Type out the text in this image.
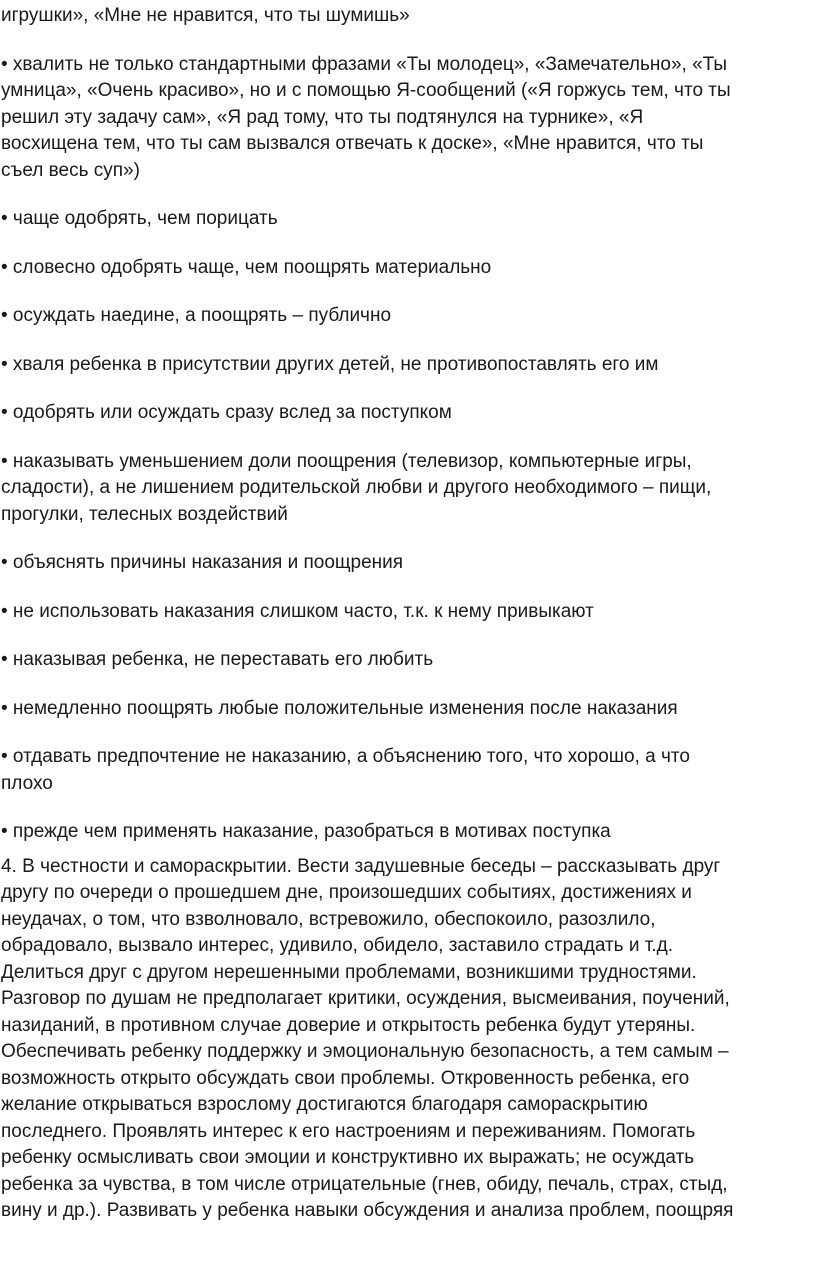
игрушки», «Мне не нравится, что ты шумишь»
• хвалить не только стандартными фразами «Ты молодец», «Замечательно», «Ты
умница», «Очень красиво», но и с помощью Я-сообщений («Я горжусь тем, что ты
решил эту задачу сам», «Я рад тому, что ты подтянулся на турнике», «Я
восхищена тем, что ты сам вызвался отвечать к доске», «Мне нравится, что ты
съел весь суп»)
• чаще одобрять, чем порицать
• словесно одобрять чаще, чем поощрять материально
• осуждать наедине, а поощрять – публично
• хваля ребенка в присутствии других детей, не противопоставлять его им
• одобрять или осуждать сразу вслед за поступком
• наказывать уменьшением доли поощрения (телевизор, компьютерные игры,
сладости), а не лишением родительской любви и другого необходимого – пищи,
прогулки, телесных воздействий
• объяснять причины наказания и поощрения
• не использовать наказания слишком часто, т.к. к нему привыкают
• наказывая ребенка, не переставать его любить
• немедленно поощрять любые положительные изменения после наказания
• отдавать предпочтение не наказанию, а объяснению того, что хорошо, а что
плохо
• прежде чем применять наказание, разобраться в мотивах поступка
4. В честности и самораскрытии. Вести задушевные беседы – рассказывать друг
другу по очереди о прошедшем дне, произошедших событиях, достижениях и
неудачах, о том, что взволновало, встревожило, обеспокоило, разозлило,
обрадовало, вызвало интерес, удивило, обидело, заставило страдать и т.д.
Делиться друг с другом нерешенными проблемами, возникшими трудностями.
Разговор по душам не предполагает критики, осуждения, высмеивания, поучений,
назиданий, в противном случае доверие и открытость ребенка будут утеряны.
Обеспечивать ребенку поддержку и эмоциональную безопасность, а тем самым –
возможность открыто обсуждать свои проблемы. Откровенность ребенка, его
желание открываться взрослому достигаются благодаря самораскрытию
последнего. Проявлять интерес к его настроениям и переживаниям. Помогать
ребенку осмысливать свои эмоции и конструктивно их выражать; не осуждать
ребенка за чувства, в том числе отрицательные (гнев, обиду, печаль, страх, стыд,
вину и др.). Развивать у ребенка навыки обсуждения и анализа проблем, поощряя
